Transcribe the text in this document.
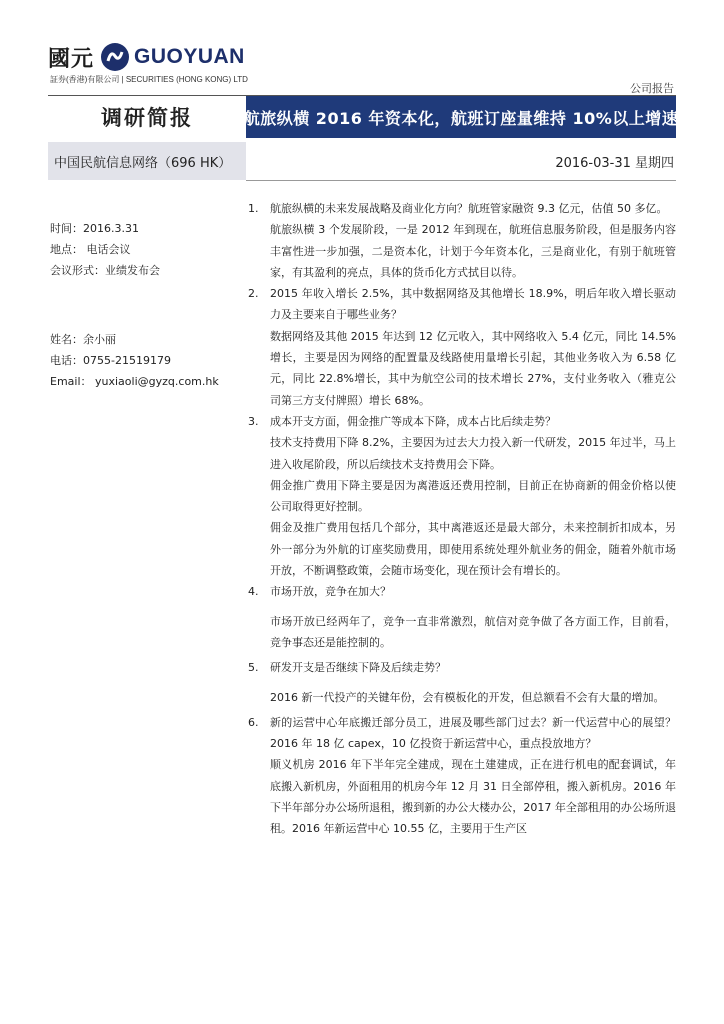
國元 GUOYUAN
証券(香港)有限公司 | SECURITIES (HONG KONG) LTD
公司报告
调研简报	航旅纵横 2016 年资本化，航班订座量维持 10%以上增速
中国民航信息网络（696 HK）	2016-03-31 星期四
时间：2016.3.31
地点： 电话会议
会议形式：业绩发布会
姓名：余小丽
电话：0755-21519179
Email： yuxiaoli@gyzq.com.hk
1.	航旅纵横的未来发展战略及商业化方向？航班管家融资 9.3 亿元，估值 50 多亿。

航旅纵横 3 个发展阶段，一是 2012 年到现在，航班信息服务阶段，但是服务内容丰富性进一步加强，二是资本化，计划于今年资本化，三是商业化，有别于航班管家，有其盈利的亮点，具体的货币化方式拭目以待。

2.	2015 年收入增长 2.5%，其中数据网络及其他增长 18.9%，明后年收入增长驱动力及主要来自于哪些业务？

数据网络及其他 2015 年达到 12 亿元收入，其中网络收入 5.4 亿元，同比 14.5%增长，主要是因为网络的配置量及线路使用量增长引起，其他业务收入为 6.58 亿元，同比 22.8%增长，其中为航空公司的技术增长 27%，支付业务收入（雅克公司第三方支付牌照）增长 68%。

3.	成本开支方面，佣金推广等成本下降，成本占比后续走势？

技术支持费用下降 8.2%，主要因为过去大力投入新一代研发，2015 年过半，马上进入收尾阶段，所以后续技术支持费用会下降。

佣金推广费用下降主要是因为离港返还费用控制，目前正在协商新的佣金价格以使公司取得更好控制。

佣金及推广费用包括几个部分，其中离港返还是最大部分，未来控制折扣成本，另外一部分为外航的订座奖励费用，即使用系统处理外航业务的佣金，随着外航市场开放，不断调整政策，会随市场变化，现在预计会有增长的。

4.	市场开放，竞争在加大？

市场开放已经两年了，竞争一直非常激烈，航信对竞争做了各方面工作，目前看，竞争事态还是能控制的。

5.	研发开支是否继续下降及后续走势？

2016 新一代投产的关键年份，会有模板化的开发，但总额看不会有大量的增加。

6.	新的运营中心年底搬迁部分员工，进展及哪些部门过去？新一代运营中心的展望？2016 年 18 亿 capex，10 亿投资于新运营中心，重点投放地方？

顺义机房 2016 年下半年完全建成，现在土建建成，正在进行机电的配套调试，年底搬入新机房，外面租用的机房今年 12 月 31 日全部停租，搬入新机房。2016 年下半年部分办公场所退租，搬到新的办公大楼办公，2017 年全部租用的办公场所退租。2016 年新运营中心 10.55 亿，主要用于生产区
